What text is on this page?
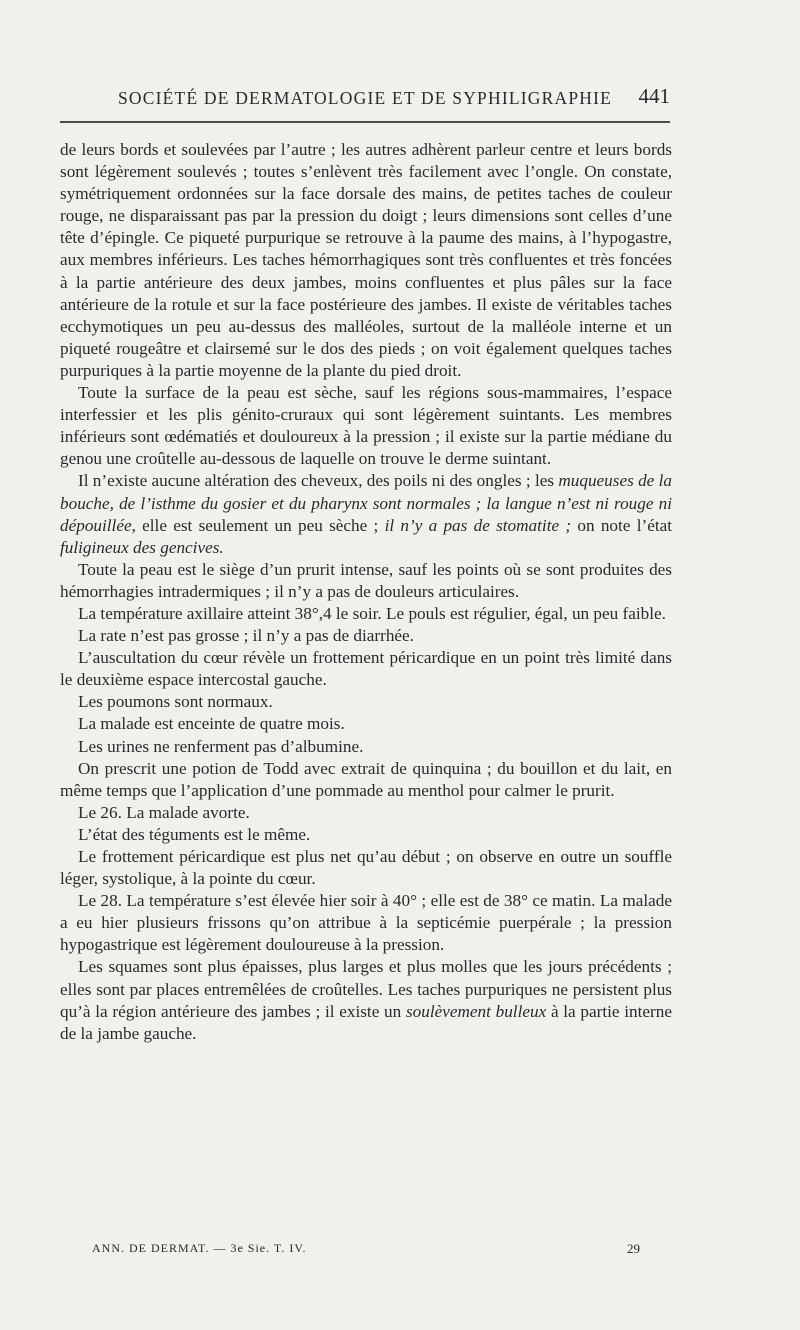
SOCIÉTÉ DE DERMATOLOGIE ET DE SYPHILIGRAPHIE 441

de leurs bords et soulevées par l’autre ; les autres adhèrent parleur centre et leurs bords sont légèrement soulevés ; toutes s’enlèvent très facilement avec l’ongle. On constate, symétriquement ordonnées sur la face dorsale des mains, de petites taches de couleur rouge, ne disparaissant pas par la pression du doigt ; leurs dimensions sont celles d’une tête d’épingle. Ce piqueté purpurique se retrouve à la paume des mains, à l’hypogastre, aux membres inférieurs. Les taches hémorrhagiques sont très confluentes et très foncées à la partie antérieure des deux jambes, moins confluentes et plus pâles sur la face antérieure de la rotule et sur la face postérieure des jambes. Il existe de véritables taches ecchymotiques un peu au-dessus des malléoles, surtout de la malléole interne et un piqueté rougeâtre et clairsemé sur le dos des pieds ; on voit également quelques taches purpuriques à la partie moyenne de la plante du pied droit.

Toute la surface de la peau est sèche, sauf les régions sous-mammaires, l’espace interfessier et les plis génito-cruraux qui sont légèrement suintants. Les membres inférieurs sont œdématiés et douloureux à la pression ; il existe sur la partie médiane du genou une croûtelle au-dessous de laquelle on trouve le derme suintant.

Il n’existe aucune altération des cheveux, des poils ni des ongles ; les muqueuses de la bouche, de l’isthme du gosier et du pharynx sont normales ; la langue n’est ni rouge ni dépouillée, elle est seulement un peu sèche ; il n’y a pas de stomatite ; on note l’état fuligineux des gencives.

Toute la peau est le siège d’un prurit intense, sauf les points où se sont produites des hémorrhagies intradermiques ; il n’y a pas de douleurs articulaires.

La température axillaire atteint 38°,4 le soir. Le pouls est régulier, égal, un peu faible.

La rate n’est pas grosse ; il n’y a pas de diarrhée.

L’auscultation du cœur révèle un frottement péricardique en un point très limité dans le deuxième espace intercostal gauche.

Les poumons sont normaux.

La malade est enceinte de quatre mois.

Les urines ne renferment pas d’albumine.

On prescrit une potion de Todd avec extrait de quinquina ; du bouillon et du lait, en même temps que l’application d’une pommade au menthol pour calmer le prurit.

Le 26. La malade avorte.

L’état des téguments est le même.

Le frottement péricardique est plus net qu’au début ; on observe en outre un souffle léger, systolique, à la pointe du cœur.

Le 28. La température s’est élevée hier soir à 40° ; elle est de 38° ce matin. La malade a eu hier plusieurs frissons qu’on attribue à la septicémie puerpérale ; la pression hypogastrique est légèrement douloureuse à la pression.

Les squames sont plus épaisses, plus larges et plus molles que les jours précédents ; elles sont par places entremêlées de croûtelles. Les taches purpuriques ne persistent plus qu’à la région antérieure des jambes ; il existe un soulèvement bulleux à la partie interne de la jambe gauche.

ANN. DE DERMAT. — 3e Sie. T. IV.	29
